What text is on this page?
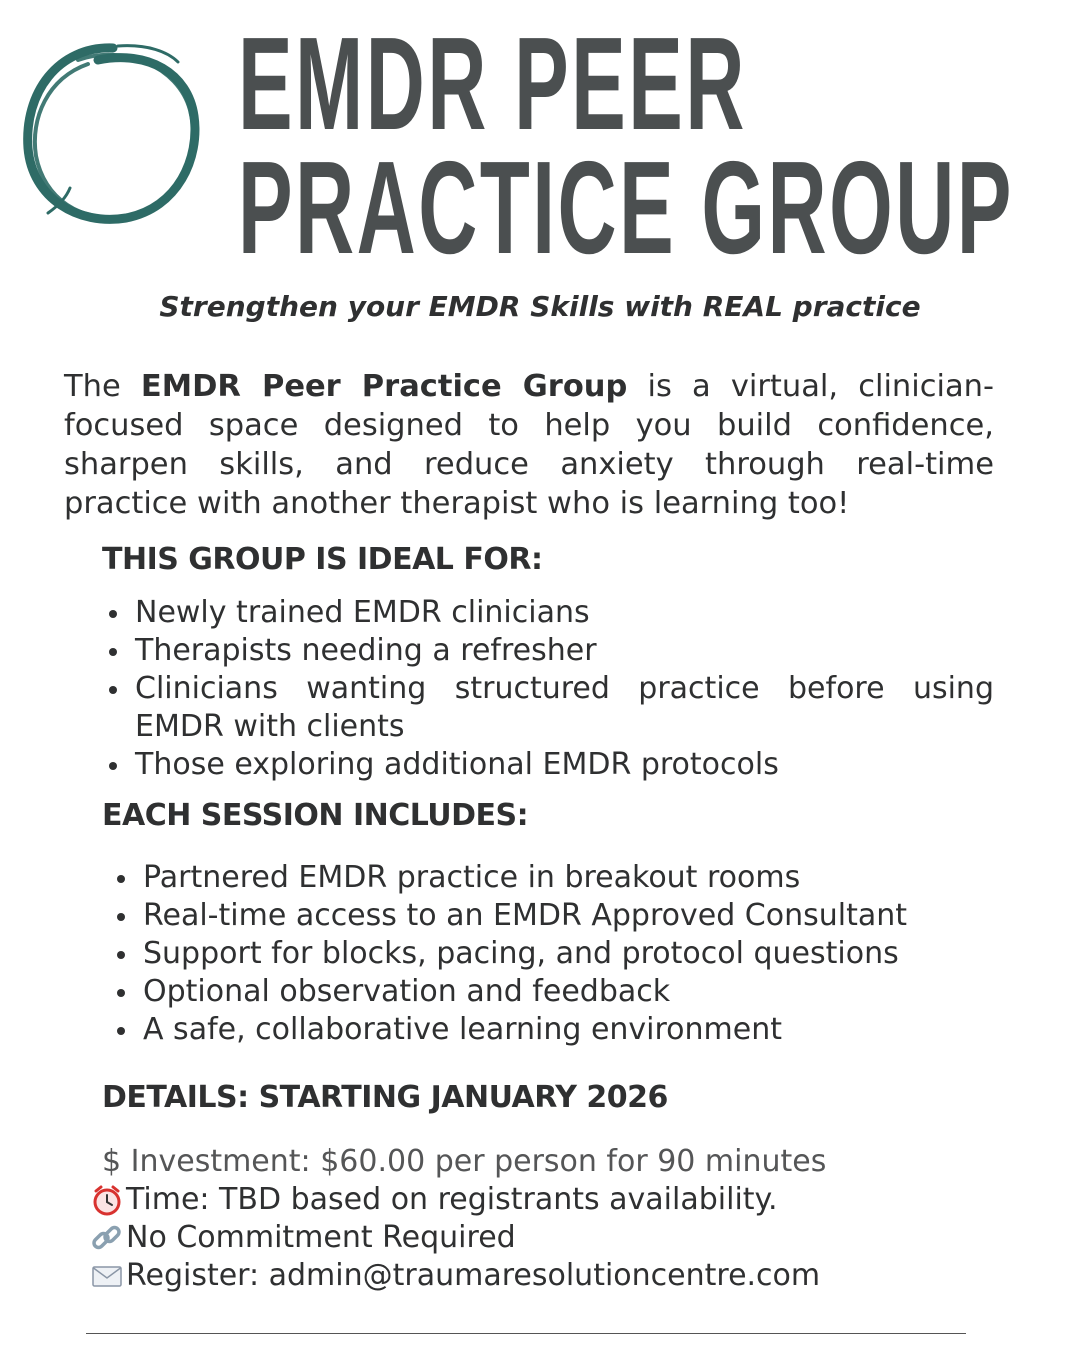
EMDR PEER
PRACTICE GROUP

Strengthen your EMDR Skills with REAL practice

The EMDR Peer Practice Group is a virtual, clinician-focused space designed to help you build confidence, sharpen skills, and reduce anxiety through real-time practice with another therapist who is learning too!

THIS GROUP IS IDEAL FOR:
Newly trained EMDR clinicians
Therapists needing a refresher
Clinicians wanting structured practice before using EMDR with clients
Those exploring additional EMDR protocols
EACH SESSION INCLUDES:
Partnered EMDR practice in breakout rooms
Real-time access to an EMDR Approved Consultant
Support for blocks, pacing, and protocol questions
Optional observation and feedback
A safe, collaborative learning environment
DETAILS: STARTING JANUARY 2026
$ Investment: $60.00 per person for 90 minutes
Time: TBD based on registrants availability.
No Commitment Required
Register: admin@traumaresolutioncentre.com
